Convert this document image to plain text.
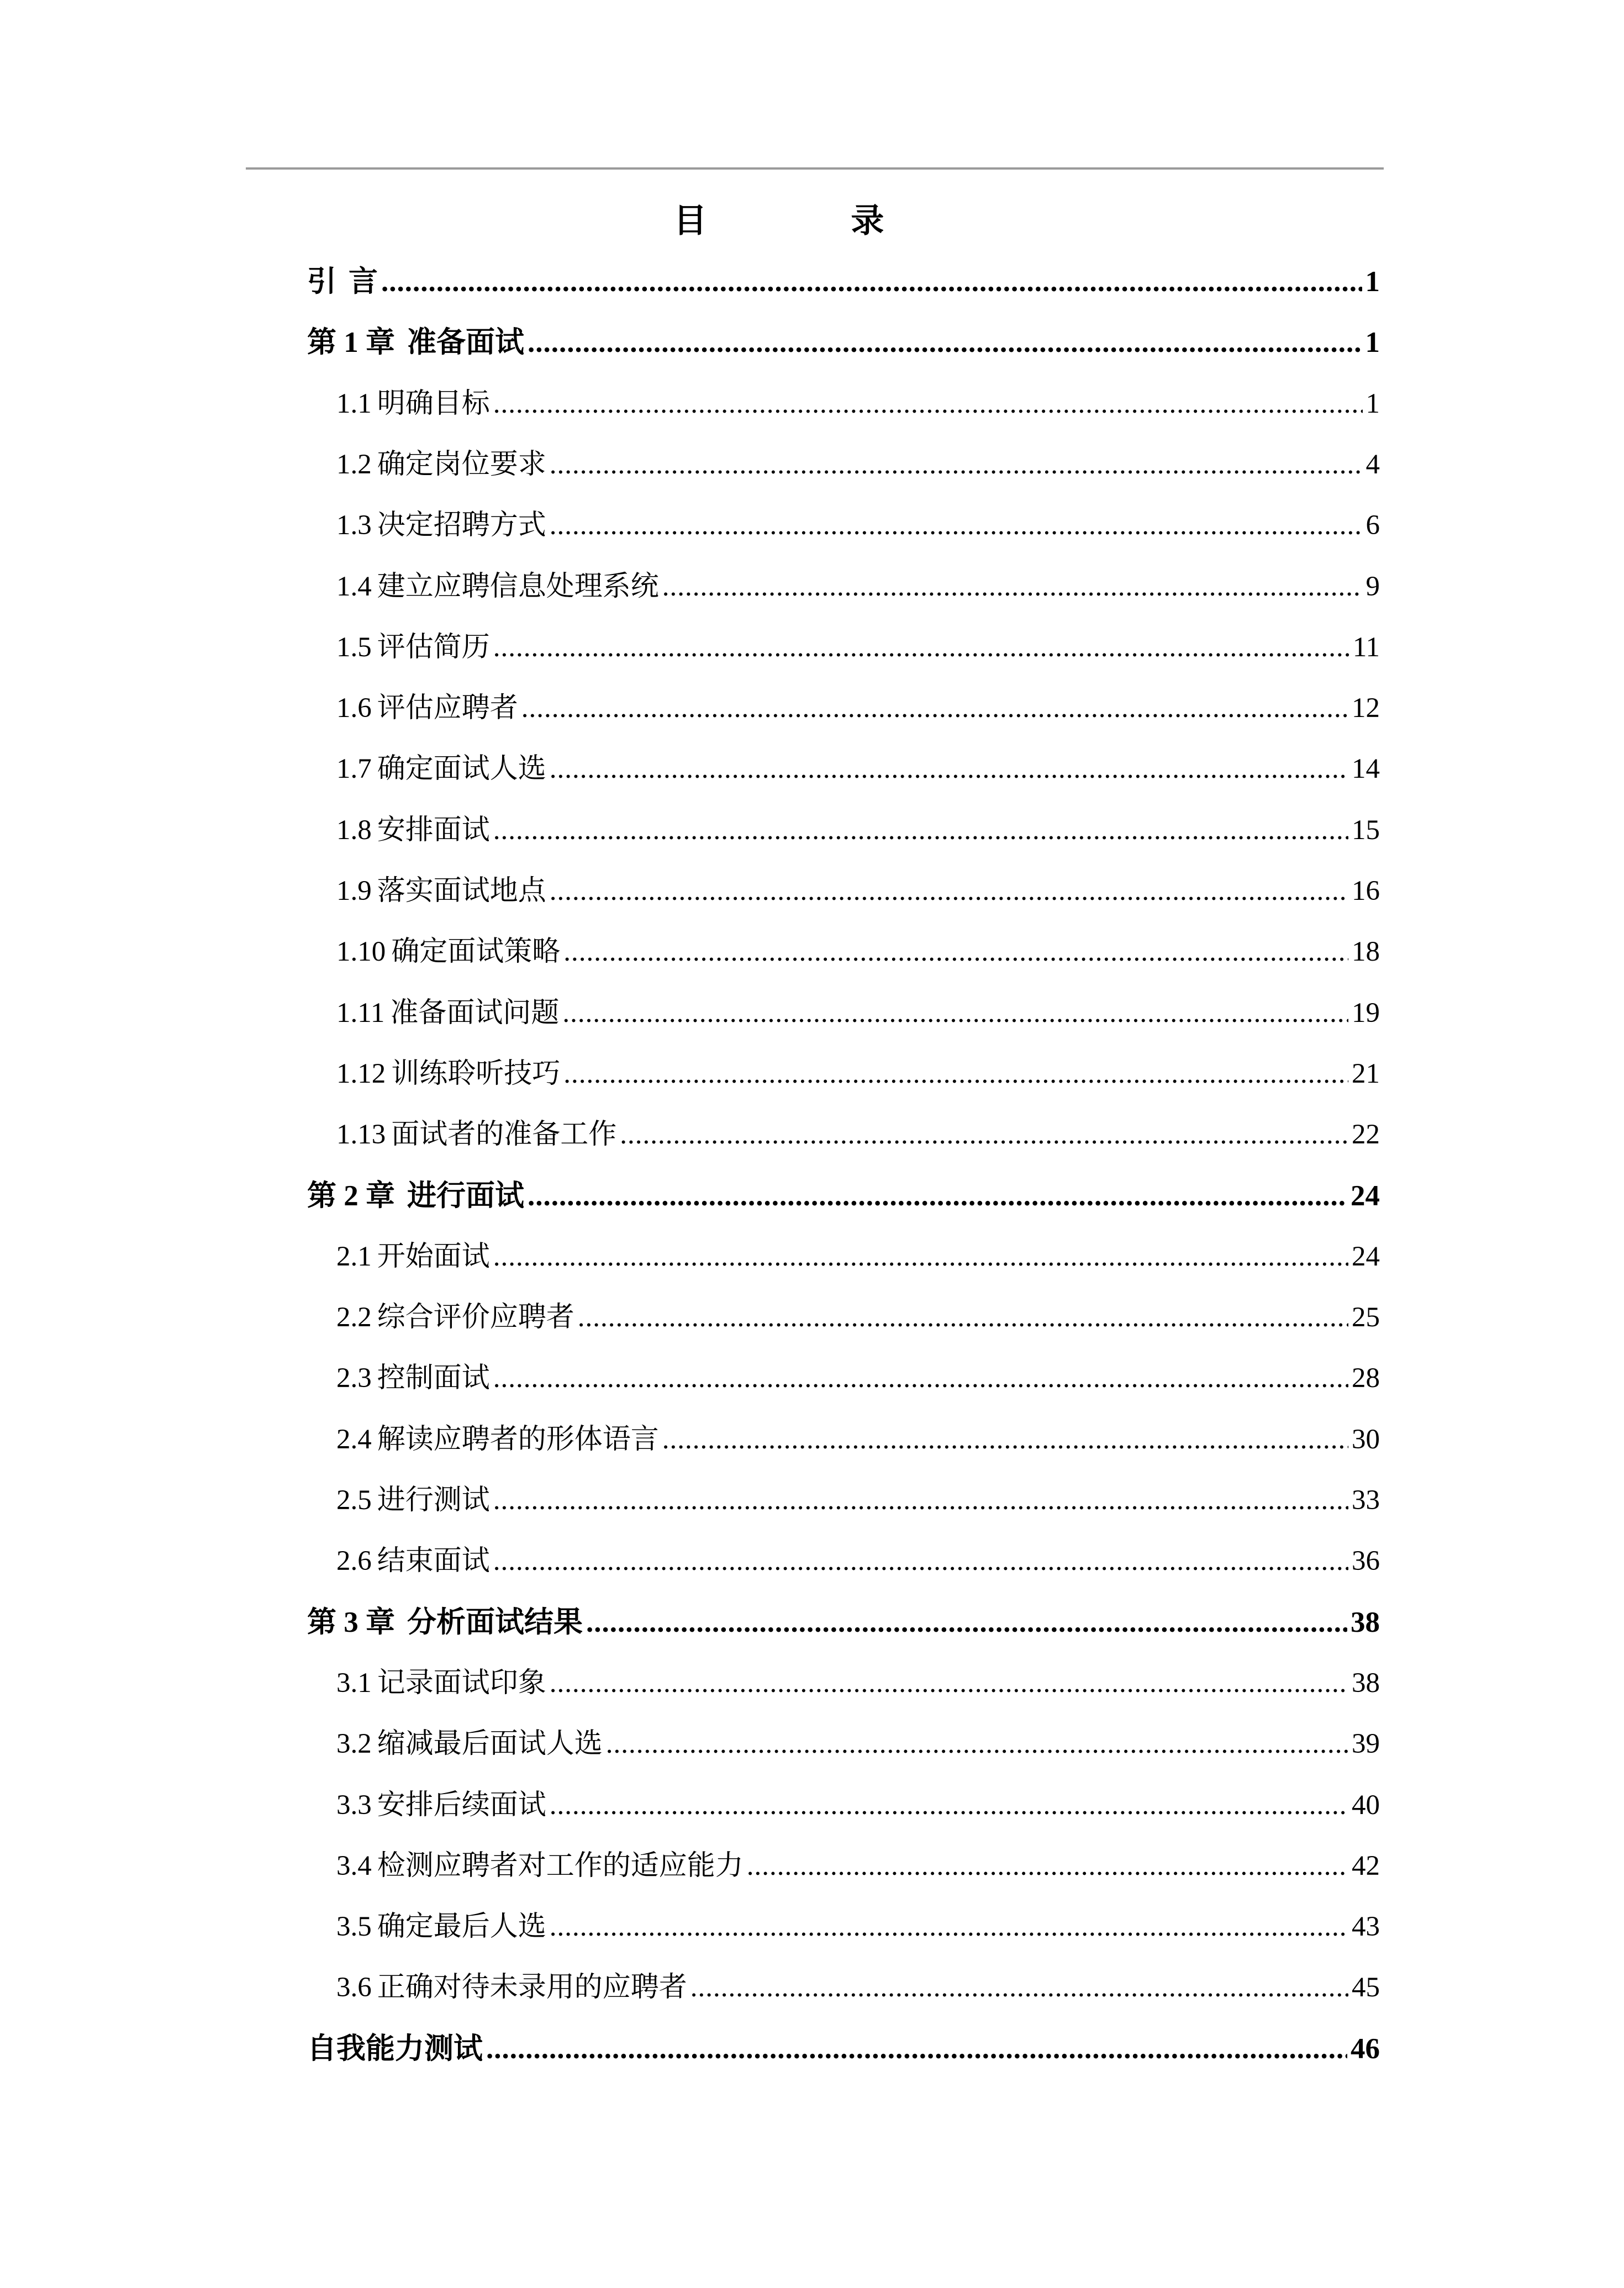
目 录
引 言 .....	1
第 1 章 准备面试 .....	1
1.1 明确目标 .....	1
1.2 确定岗位要求 .....	4
1.3 决定招聘方式 .....	6
1.4 建立应聘信息处理系统 .....	9
1.5 评估简历 .....	11
1.6 评估应聘者 .....	12
1.7 确定面试人选 .....	14
1.8 安排面试 .....	15
1.9 落实面试地点 .....	16
1.10 确定面试策略 .....	18
1.11 准备面试问题 .....	19
1.12 训练聆听技巧 .....	21
1.13 面试者的准备工作 .....	22
第 2 章 进行面试 .....	24
2.1 开始面试 .....	24
2.2 综合评价应聘者 .....	25
2.3 控制面试 .....	28
2.4 解读应聘者的形体语言 .....	30
2.5 进行测试 .....	33
2.6 结束面试 .....	36
第 3 章 分析面试结果 .....	38
3.1 记录面试印象 .....	38
3.2 缩减最后面试人选 .....	39
3.3 安排后续面试 .....	40
3.4 检测应聘者对工作的适应能力 .....	42
3.5 确定最后人选 .....	43
3.6 正确对待未录用的应聘者 .....	45
自我能力测试 .....	46
